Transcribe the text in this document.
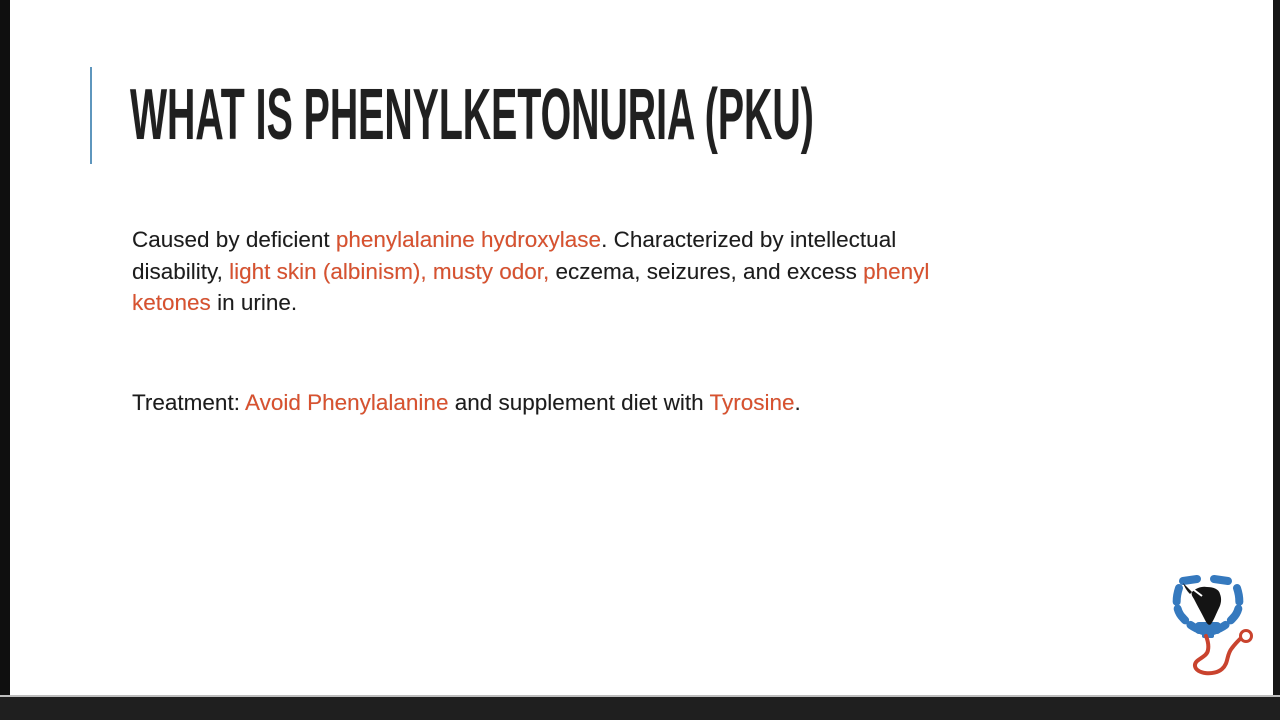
WHAT IS PHENYLKETONURIA (PKU)
Caused by deficient phenylalanine hydroxylase. Characterized by intellectual
disability, light skin (albinism), musty odor, eczema, seizures, and excess phenyl
ketones in urine.
Treatment: Avoid Phenylalanine and supplement diet with Tyrosine.
